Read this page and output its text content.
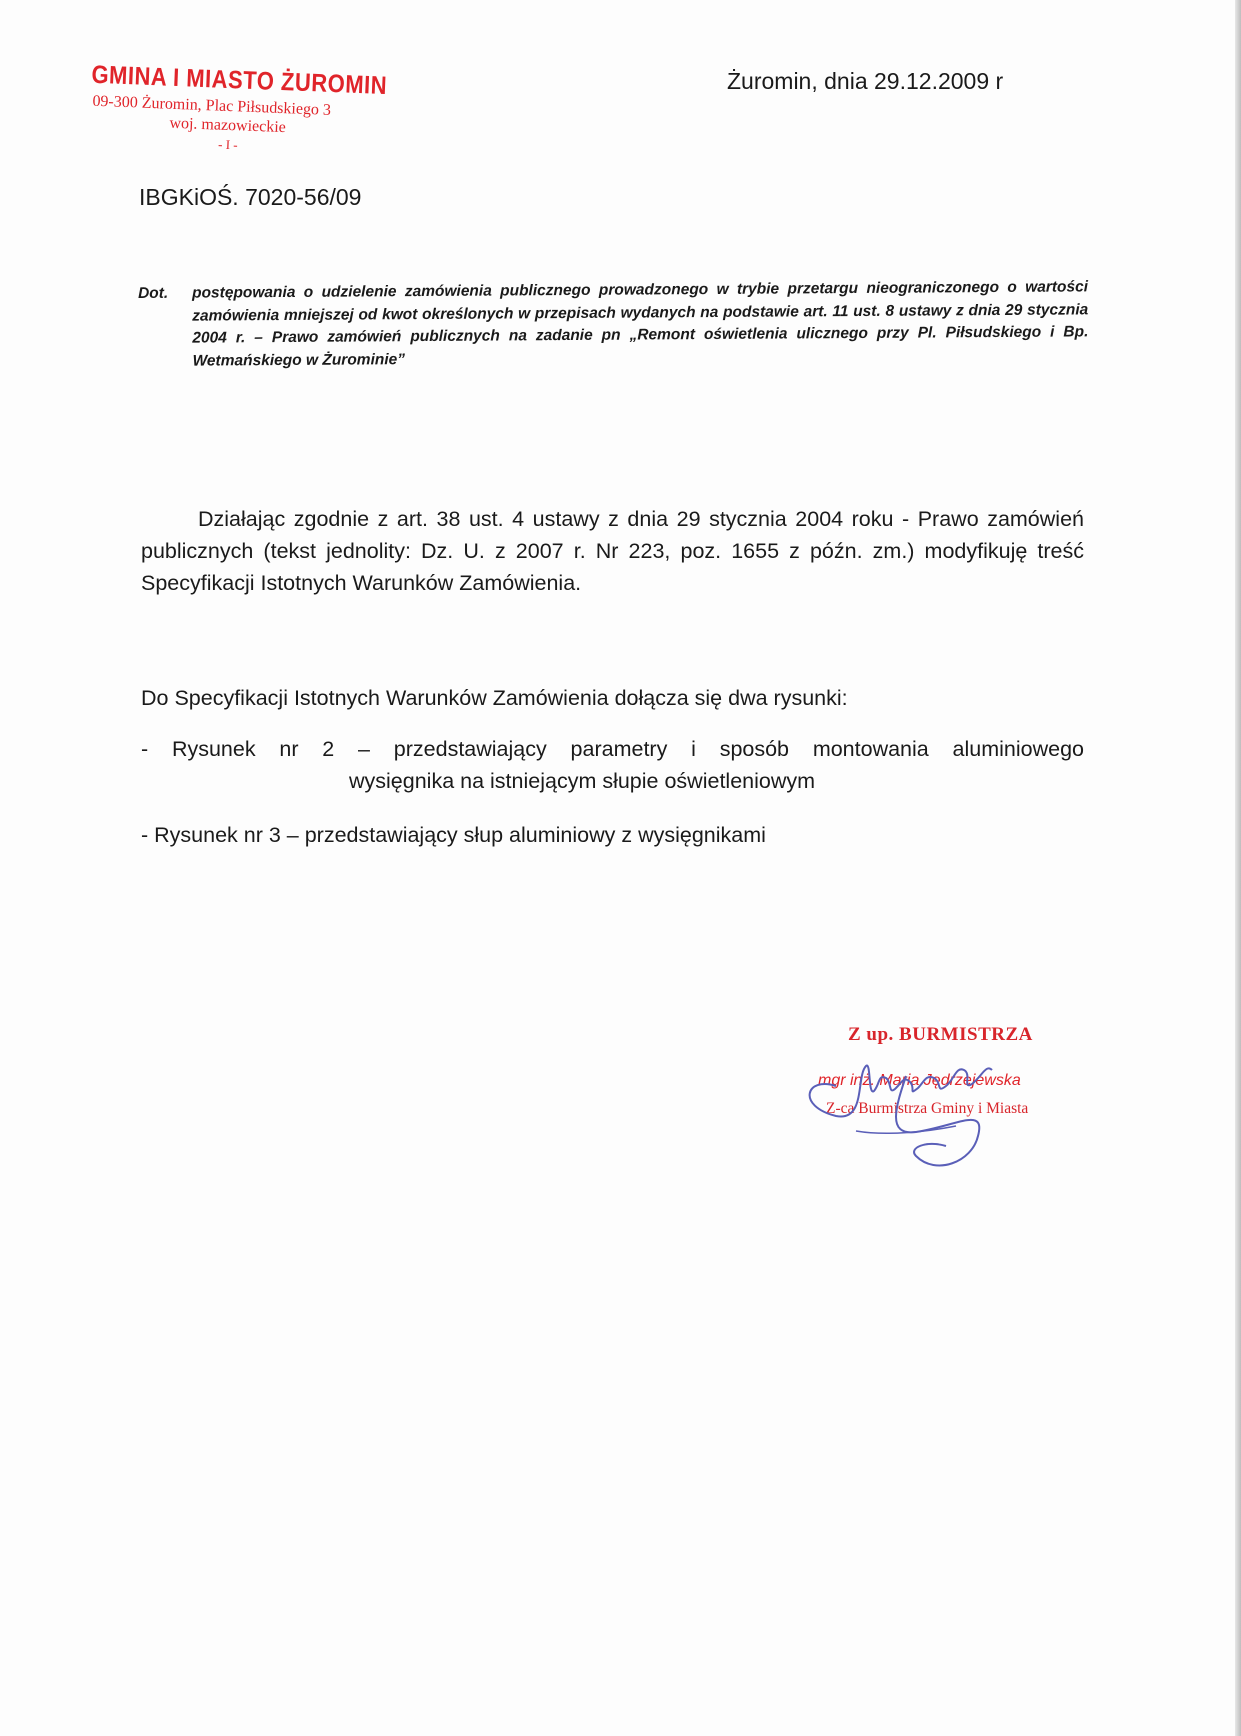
GMINA I MIASTO ŻUROMIN
09-300 Żuromin, Plac Piłsudskiego 3
woj. mazowieckie
- I -
Żuromin, dnia 29.12.2009 r
IBGKiOŚ. 7020-56/09
Dot. postępowania o udzielenie zamówienia publicznego prowadzonego w trybie przetargu nieograniczonego o wartości zamówienia mniejszej od kwot określonych w przepisach wydanych na podstawie art. 11 ust. 8 ustawy z dnia 29 stycznia 2004 r. – Prawo zamówień publicznych na zadanie pn „Remont oświetlenia ulicznego przy Pl. Piłsudskiego i Bp. Wetmańskiego w Żurominie”
Działając zgodnie z art. 38 ust. 4 ustawy z dnia 29 stycznia 2004 roku - Prawo zamówień publicznych (tekst jednolity: Dz. U. z 2007 r. Nr 223, poz. 1655 z późn. zm.) modyfikuję treść Specyfikacji Istotnych Warunków Zamówienia.
Do Specyfikacji Istotnych Warunków Zamówienia dołącza się dwa rysunki:
- Rysunek nr 2 – przedstawiający parametry i sposób montowania aluminiowego
wysięgnika na istniejącym słupie oświetleniowym
- Rysunek nr 3 – przedstawiający słup aluminiowy z wysięgnikami
Z up. BURMISTRZA
mgr inż. Maria Jędrzejewska
Z-ca Burmistrza Gminy i Miasta
